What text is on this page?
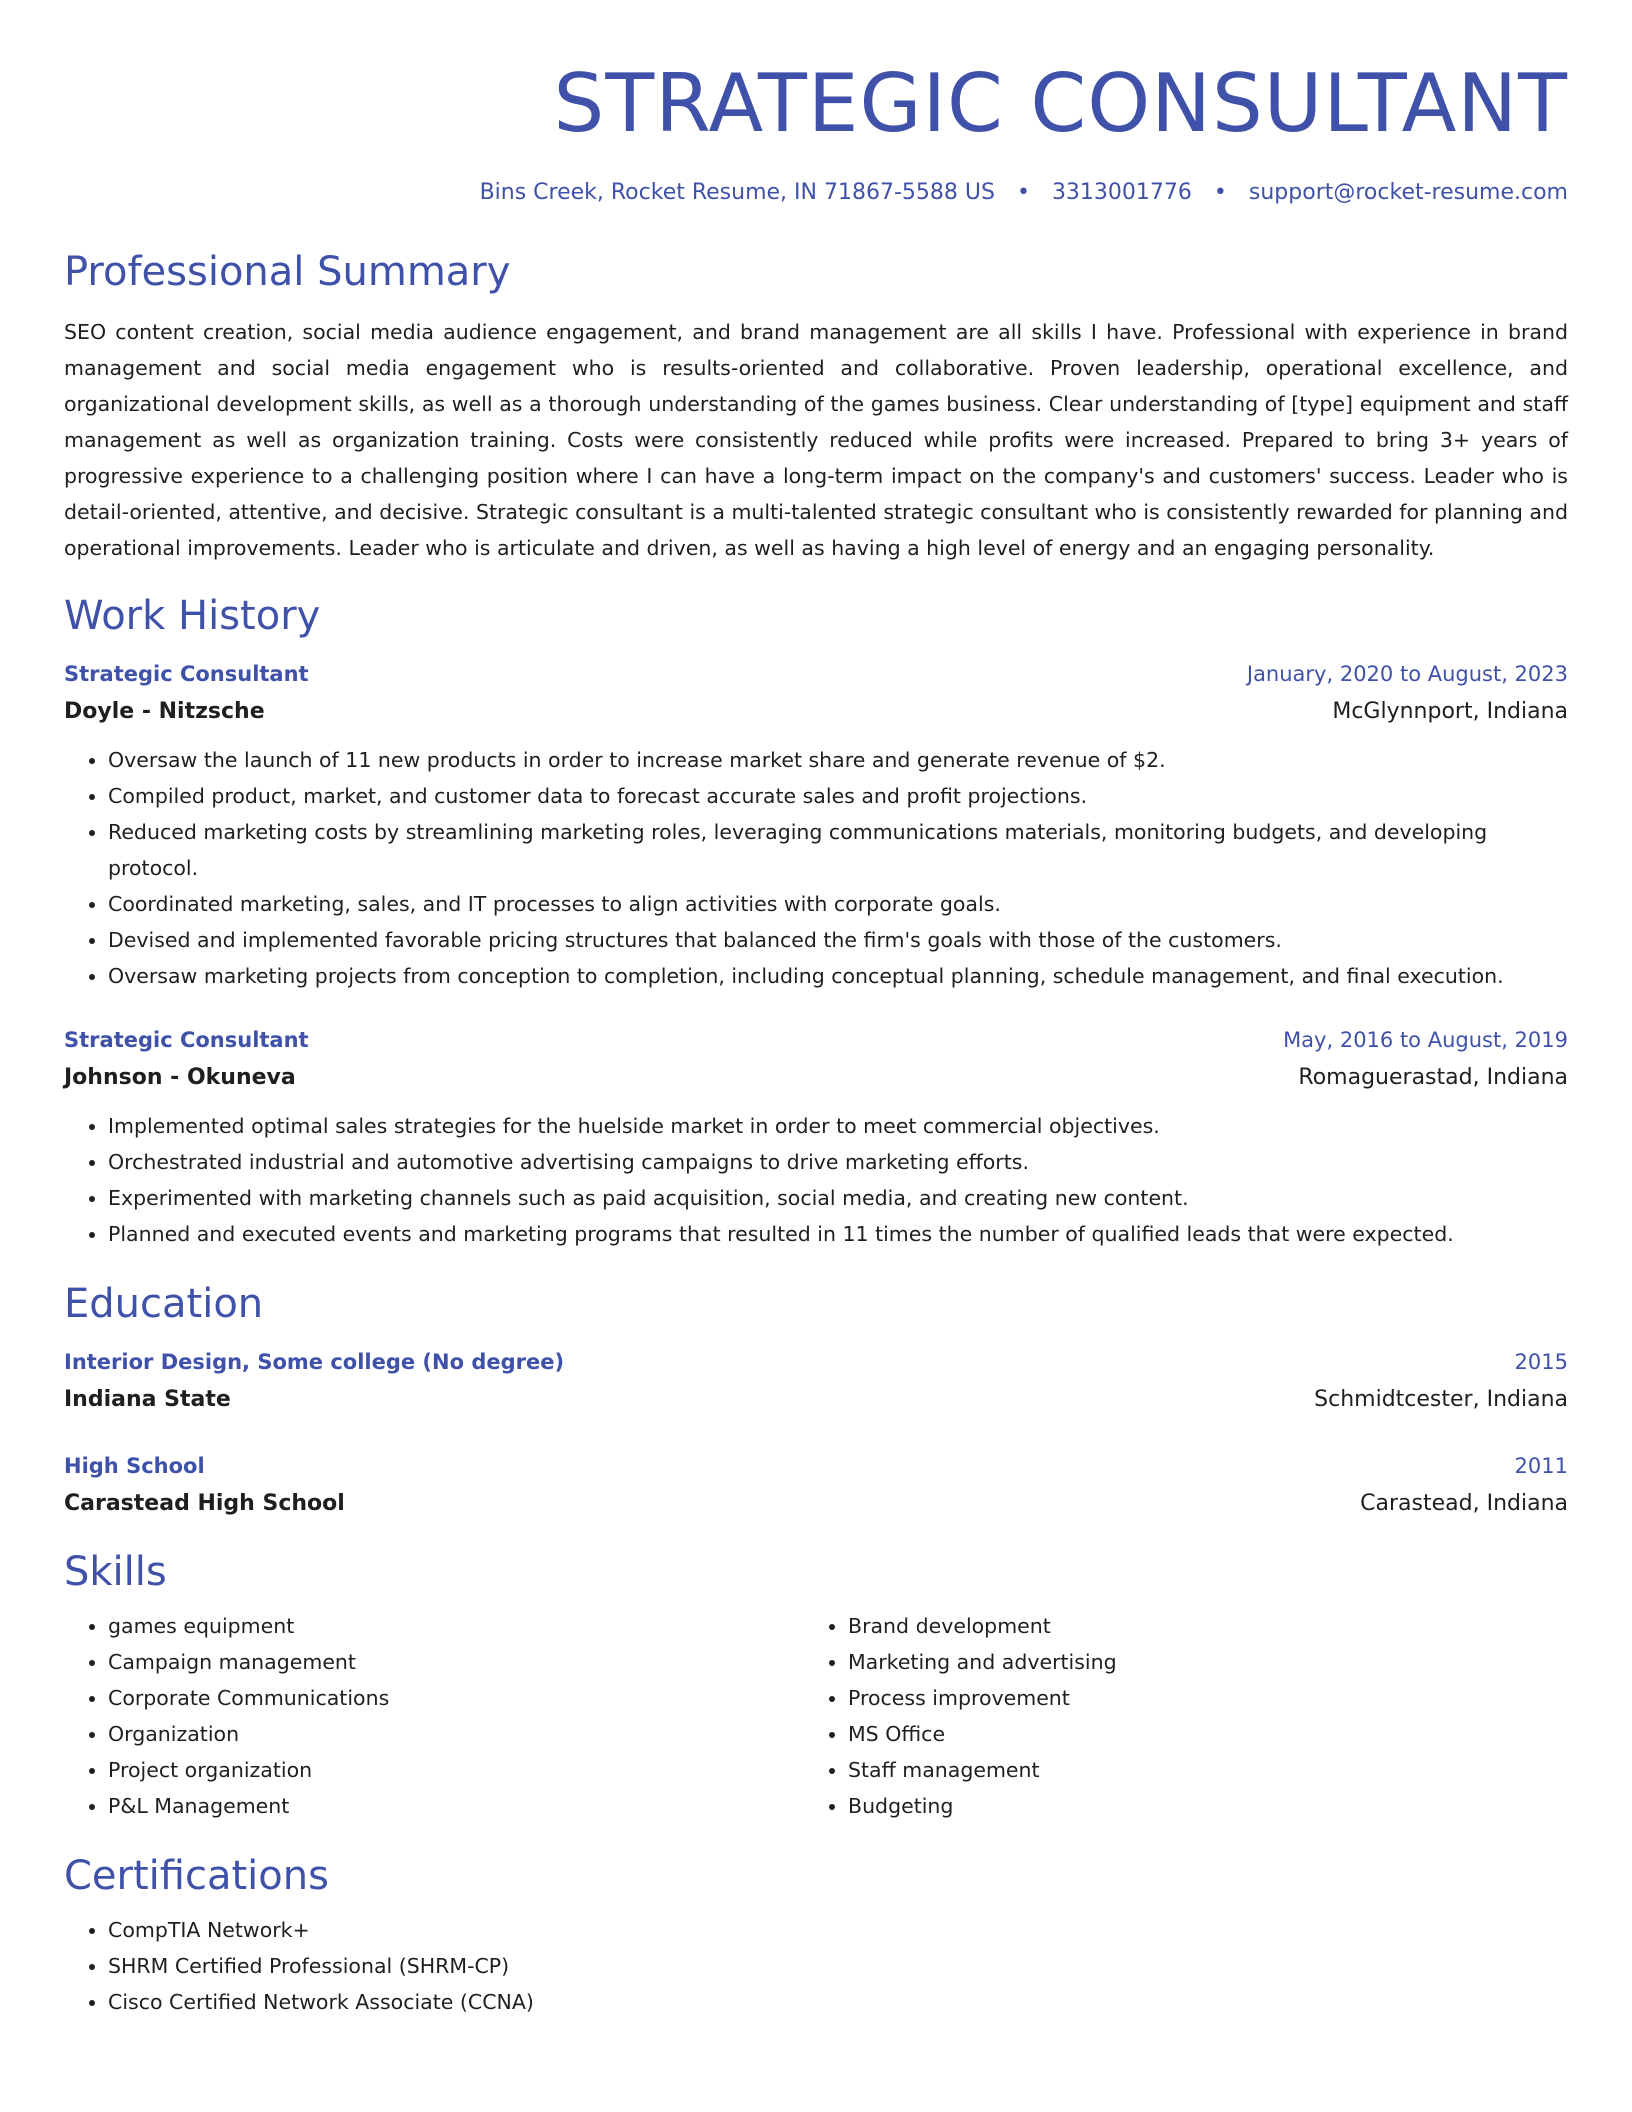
STRATEGIC CONSULTANT
Bins Creek, Rocket Resume, IN 71867-5588 US • 3313001776 • support@rocket-resume.com
Professional Summary

SEO content creation, social media audience engagement, and brand management are all skills I have. Professional with experience in brand management and social media engagement who is results-oriented and collaborative. Proven leadership, operational excellence, and organizational development skills, as well as a thorough understanding of the games business. Clear understanding of [type] equipment and staff management as well as organization training. Costs were consistently reduced while profits were increased. Prepared to bring 3+ years of progressive experience to a challenging position where I can have a long-term impact on the company's and customers' success. Leader who is detail-oriented, attentive, and decisive. Strategic consultant is a multi-talented strategic consultant who is consistently rewarded for planning and operational improvements. Leader who is articulate and driven, as well as having a high level of energy and an engaging personality.

Work History
Strategic Consultant	January, 2020 to August, 2023
Doyle - Nitzsche	McGlynnport, Indiana
• Oversaw the launch of 11 new products in order to increase market share and generate revenue of $2.
• Compiled product, market, and customer data to forecast accurate sales and profit projections.
• Reduced marketing costs by streamlining marketing roles, leveraging communications materials, monitoring budgets, and developing protocol.
• Coordinated marketing, sales, and IT processes to align activities with corporate goals.
• Devised and implemented favorable pricing structures that balanced the firm's goals with those of the customers.
• Oversaw marketing projects from conception to completion, including conceptual planning, schedule management, and final execution.
Strategic Consultant	May, 2016 to August, 2019
Johnson - Okuneva	Romaguerastad, Indiana
• Implemented optimal sales strategies for the huelside market in order to meet commercial objectives.
• Orchestrated industrial and automotive advertising campaigns to drive marketing efforts.
• Experimented with marketing channels such as paid acquisition, social media, and creating new content.
• Planned and executed events and marketing programs that resulted in 11 times the number of qualified leads that were expected.
Education
Interior Design, Some college (No degree)	2015
Indiana State	Schmidtcester, Indiana
High School	2011
Carastead High School	Carastead, Indiana
Skills
• games equipment
• Campaign management
• Corporate Communications
• Organization
• Project organization
• P&L Management
• Brand development
• Marketing and advertising
• Process improvement
• MS Office
• Staff management
• Budgeting
Certifications
• CompTIA Network+
• SHRM Certified Professional (SHRM-CP)
• Cisco Certified Network Associate (CCNA)
